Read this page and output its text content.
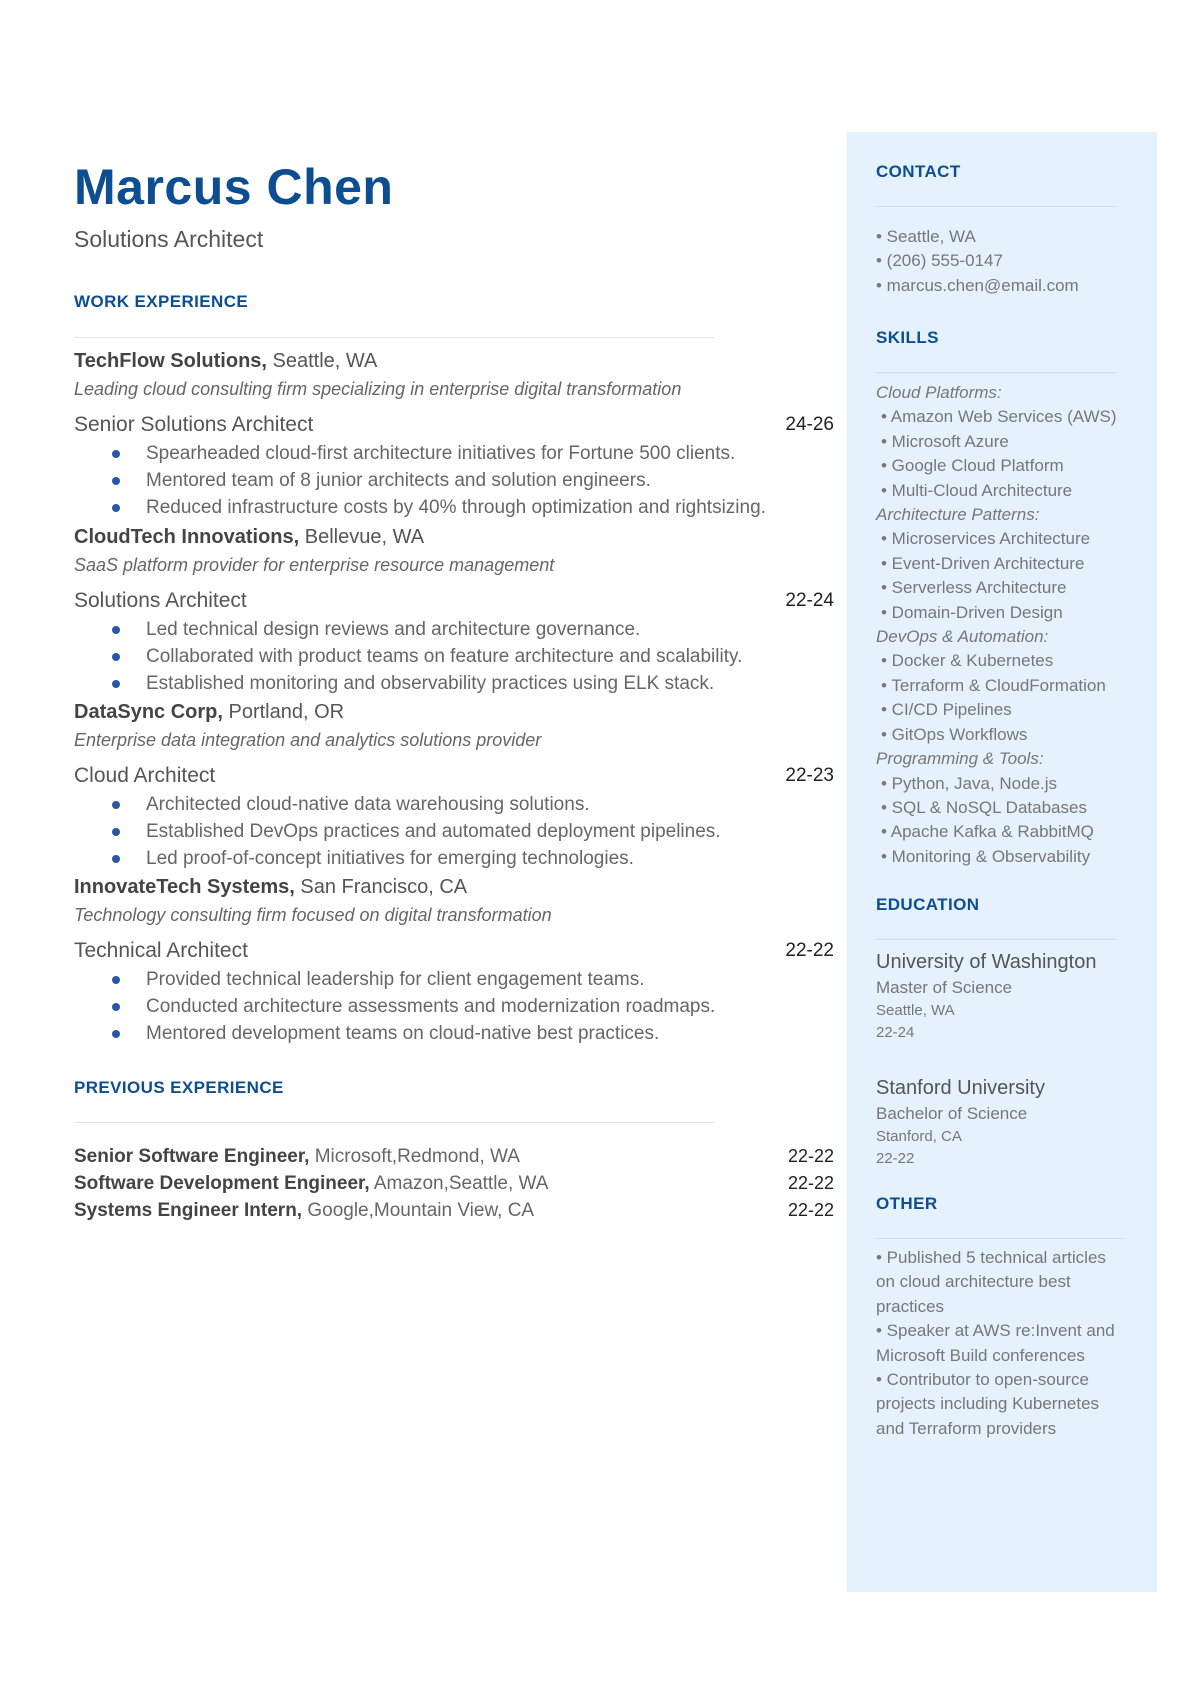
Marcus Chen
Solutions Architect
WORK EXPERIENCE
TechFlow Solutions, Seattle, WA
Leading cloud consulting firm specializing in enterprise digital transformation
Senior Solutions Architect	24-26
Spearheaded cloud-first architecture initiatives for Fortune 500 clients.
Mentored team of 8 junior architects and solution engineers.
Reduced infrastructure costs by 40% through optimization and rightsizing.
CloudTech Innovations, Bellevue, WA
SaaS platform provider for enterprise resource management
Solutions Architect	22-24
Led technical design reviews and architecture governance.
Collaborated with product teams on feature architecture and scalability.
Established monitoring and observability practices using ELK stack.
DataSync Corp, Portland, OR
Enterprise data integration and analytics solutions provider
Cloud Architect	22-23
Architected cloud-native data warehousing solutions.
Established DevOps practices and automated deployment pipelines.
Led proof-of-concept initiatives for emerging technologies.
InnovateTech Systems, San Francisco, CA
Technology consulting firm focused on digital transformation
Technical Architect	22-22
Provided technical leadership for client engagement teams.
Conducted architecture assessments and modernization roadmaps.
Mentored development teams on cloud-native best practices.
PREVIOUS EXPERIENCE
Senior Software Engineer, Microsoft,Redmond, WA	22-22
Software Development Engineer, Amazon,Seattle, WA	22-22
Systems Engineer Intern, Google,Mountain View, CA	22-22
CONTACT
• Seattle, WA
• (206) 555-0147
• marcus.chen@email.com
SKILLS
Cloud Platforms:
• Amazon Web Services (AWS)
• Microsoft Azure
• Google Cloud Platform
• Multi-Cloud Architecture
Architecture Patterns:
• Microservices Architecture
• Event-Driven Architecture
• Serverless Architecture
• Domain-Driven Design
DevOps & Automation:
• Docker & Kubernetes
• Terraform & CloudFormation
• CI/CD Pipelines
• GitOps Workflows
Programming & Tools:
• Python, Java, Node.js
• SQL & NoSQL Databases
• Apache Kafka & RabbitMQ
• Monitoring & Observability
EDUCATION
University of Washington
Master of Science
Seattle, WA
22-24
Stanford University
Bachelor of Science
Stanford, CA
22-22
OTHER
• Published 5 technical articles
on cloud architecture best
practices
• Speaker at AWS re:Invent and
Microsoft Build conferences
• Contributor to open-source
projects including Kubernetes
and Terraform providers
